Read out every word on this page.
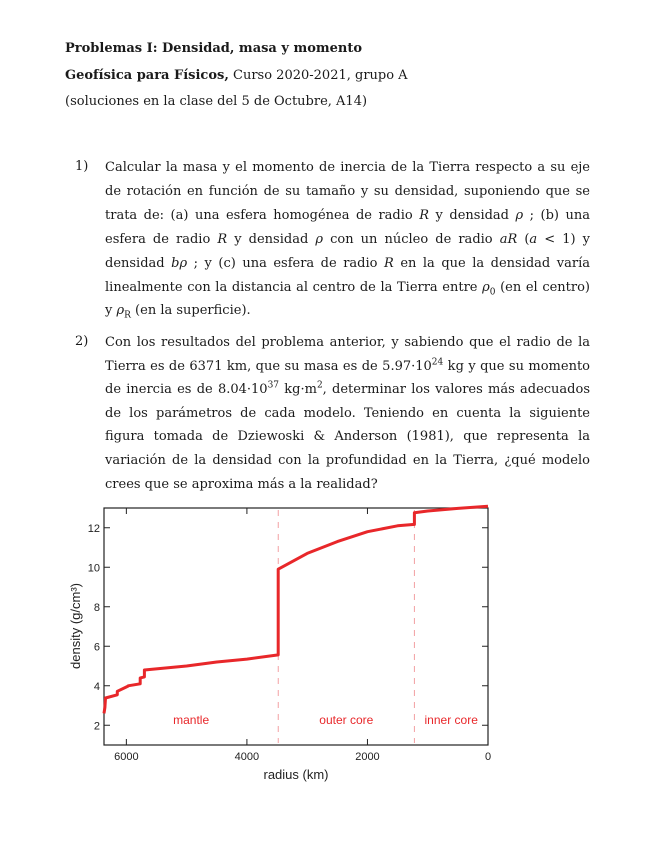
Problemas I: Densidad, masa y momento
Geofísica para Físicos, Curso 2020-2021, grupo A
(soluciones en la clase del 5 de Octubre, A14)
1) Calcular la masa y el momento de inercia de la Tierra respecto a su eje de rotación en función de su tamaño y su densidad, suponiendo que se trata de: (a) una esfera homogénea de radio R y densidad ρ ; (b) una esfera de radio R y densidad ρ con un núcleo de radio aR (a < 1) y densidad bρ ; y (c) una esfera de radio R en la que la densidad varía linealmente con la distancia al centro de la Tierra entre $\rho_0$ (en el centro) y $\rho_R$ (en la superficie).
2) Con los resultados del problema anterior, y sabiendo que el radio de la Tierra es de 6371 km, que su masa es de $5.97\cdot 10^{24}$ kg y que su momento de inercia es de $8.04\cdot 10^{37}$ $kg\cdot m^2$, determinar los valores más adecuados de los parámetros de cada modelo. Teniendo en cuenta la siguiente figura tomada de Dziewoski & Anderson (1981), que representa la variación de la densidad con la profundidad en la Tierra, ¿qué modelo crees que se aproxima más a la realidad?
6000	4000	2000	0
2
4
6
8
10
12
mantle	outer core	inner core
radius (km)
density (g/cm³)
